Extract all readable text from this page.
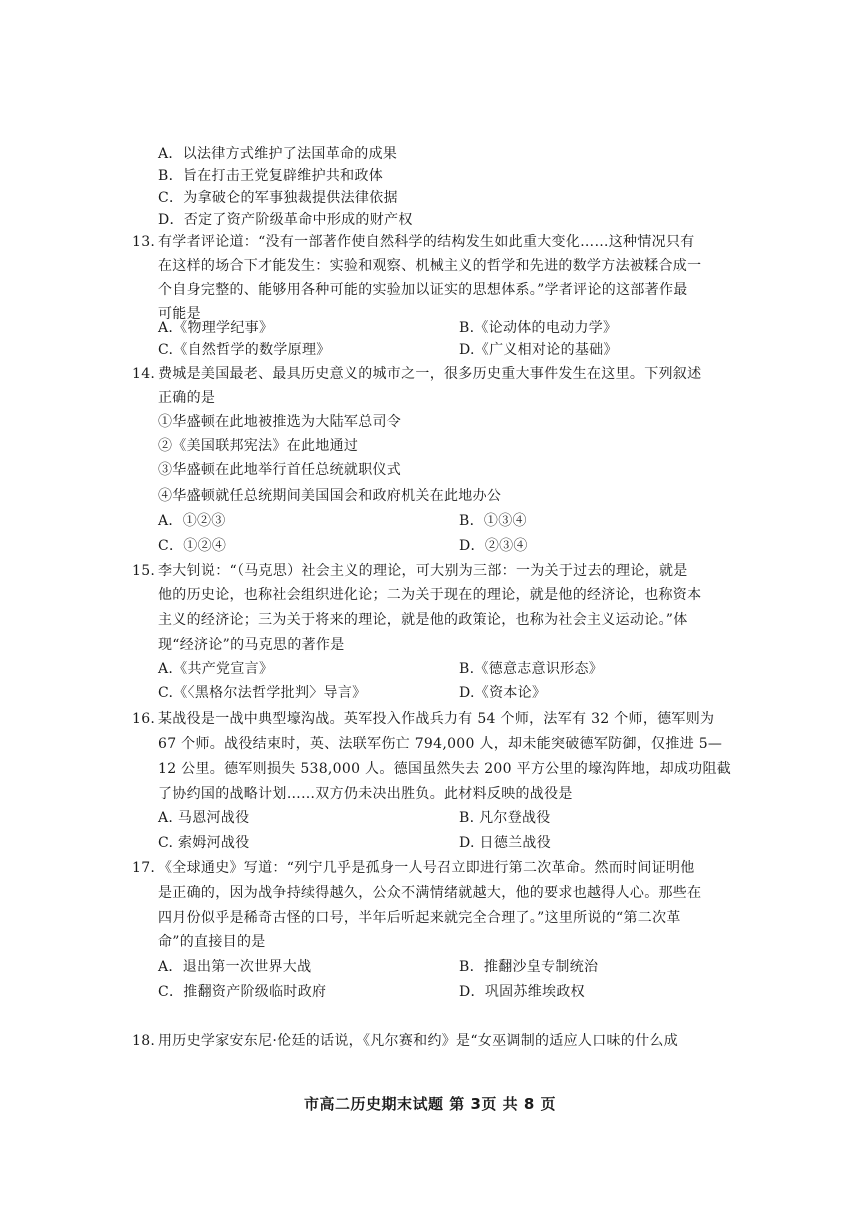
A．以法律方式维护了法国革命的成果
B．旨在打击王党复辟维护共和政体
C．为拿破仑的军事独裁提供法律依据
D．否定了资产阶级革命中形成的财产权
13. 有学者评论道：“没有一部著作使自然科学的结构发生如此重大变化……这种情况只有
在这样的场合下才能发生：实验和观察、机械主义的哲学和先进的数学方法被糅合成一
个自身完整的、能够用各种可能的实验加以证实的思想体系。”学者评论的这部著作最
可能是
A.《物理学纪事》	B.《论动体的电动力学》
C.《自然哲学的数学原理》	D.《广义相对论的基础》
14. 费城是美国最老、最具历史意义的城市之一，很多历史重大事件发生在这里。下列叙述
正确的是
①华盛顿在此地被推选为大陆军总司令
②《美国联邦宪法》在此地通过
③华盛顿在此地举行首任总统就职仪式
④华盛顿就任总统期间美国国会和政府机关在此地办公
A．①②③	B．①③④
C．①②④	D．②③④
15. 李大钊说：“（马克思）社会主义的理论，可大别为三部：一为关于过去的理论，就是
他的历史论，也称社会组织进化论；二为关于现在的理论，就是他的经济论，也称资本
主义的经济论；三为关于将来的理论，就是他的政策论，也称为社会主义运动论。”体
现“经济论”的马克思的著作是
A.《共产党宣言》	B.《德意志意识形态》
C.《〈黑格尔法哲学批判〉导言》	D.《资本论》
16. 某战役是一战中典型壕沟战。英军投入作战兵力有 54 个师，法军有 32 个师，德军则为
67 个师。战役结束时，英、法联军伤亡 794,000 人，却未能突破德军防御，仅推进 5—
12 公里。德军则损失 538,000 人。德国虽然失去 200 平方公里的壕沟阵地，却成功阻截
了协约国的战略计划……双方仍未决出胜负。此材料反映的战役是
A. 马恩河战役	B. 凡尔登战役
C. 索姆河战役	D. 日德兰战役
17. 《全球通史》写道：“列宁几乎是孤身一人号召立即进行第二次革命。然而时间证明他
是正确的，因为战争持续得越久，公众不满情绪就越大，他的要求也越得人心。那些在
四月份似乎是稀奇古怪的口号，半年后听起来就完全合理了。”这里所说的“第二次革
命”的直接目的是
A．退出第一次世界大战	B．推翻沙皇专制统治
C．推翻资产阶级临时政府	D．巩固苏维埃政权
18. 用历史学家安东尼·伦廷的话说，《凡尔赛和约》是“女巫调制的适应人口味的什么成
市高二历史期末试题 第 3页 共 8 页
